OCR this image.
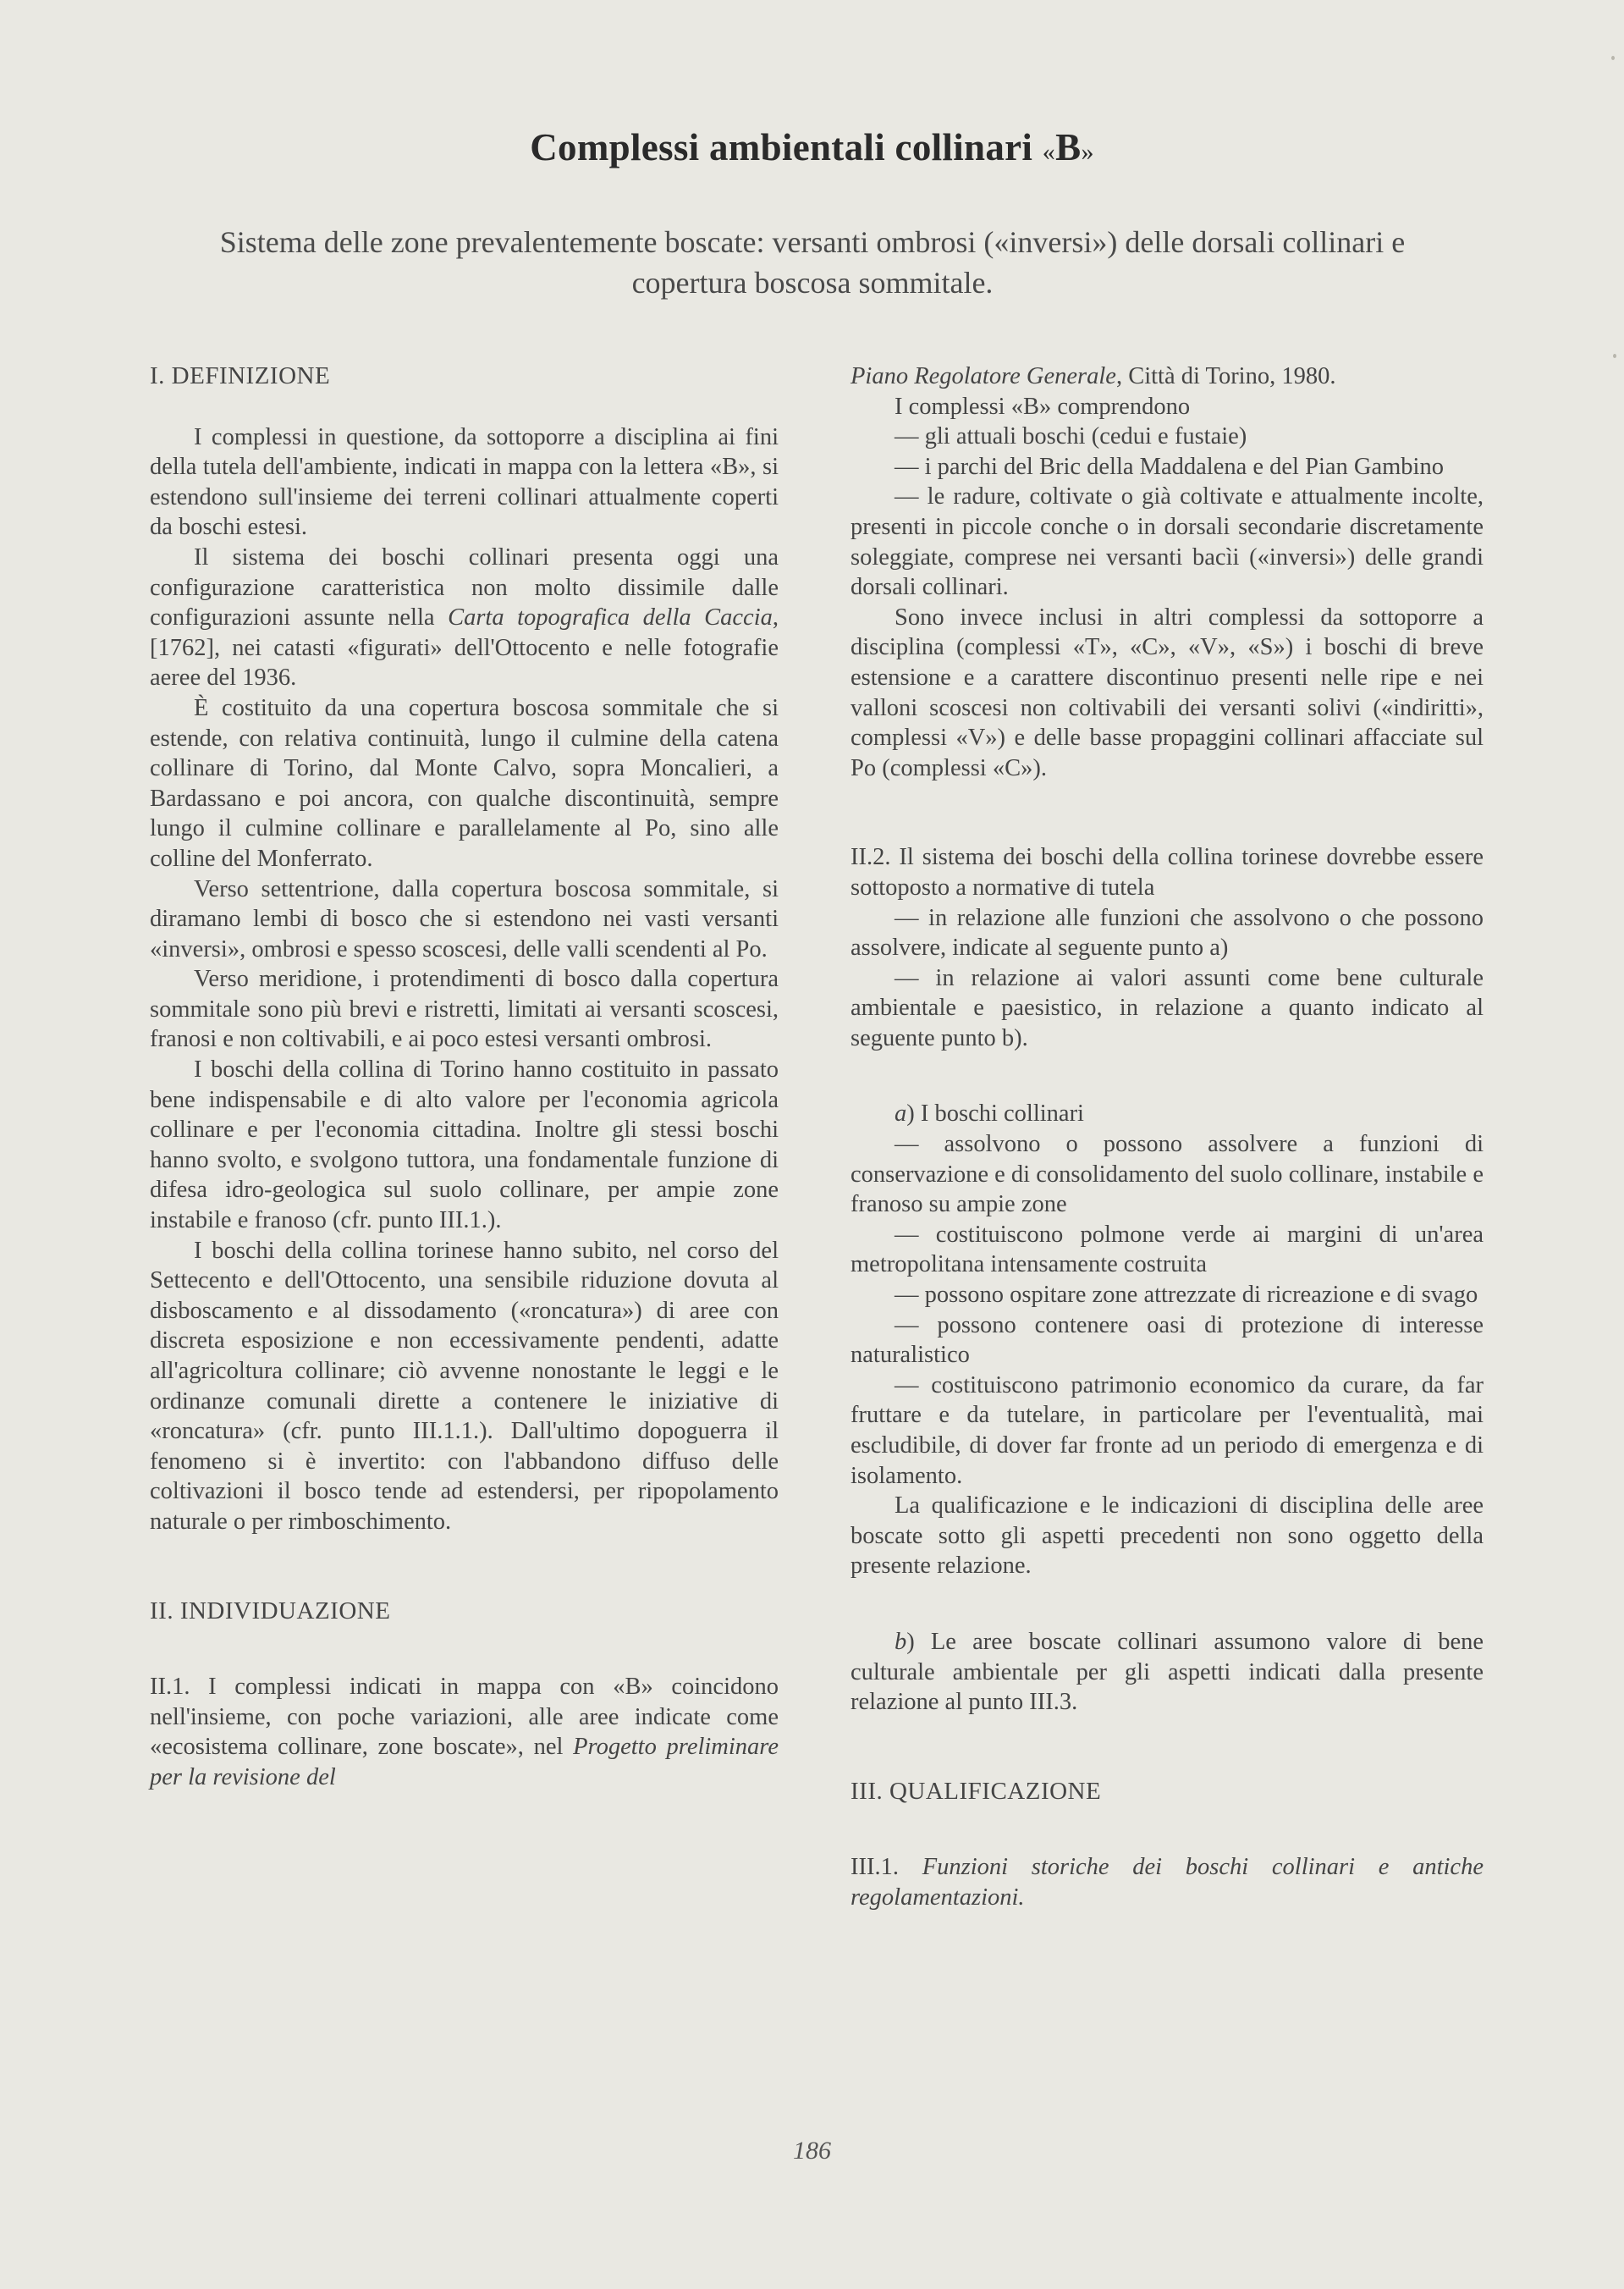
Complessi ambientali collinari «B»
Sistema delle zone prevalentemente boscate: versanti ombrosi («inversi») delle dorsali collinari e copertura boscosa sommitale.

I. DEFINIZIONE

I complessi in questione, da sottoporre a disciplina ai fini della tutela dell'ambiente, indicati in mappa con la lettera «B», si estendono sull'insieme dei terreni collinari attualmente coperti da boschi estesi.

Il sistema dei boschi collinari presenta oggi una configurazione caratteristica non molto dissimile dalle configurazioni assunte nella Carta topografica della Caccia, [1762], nei catasti «figurati» dell'Ottocento e nelle fotografie aeree del 1936.

È costituito da una copertura boscosa sommitale che si estende, con relativa continuità, lungo il culmine della catena collinare di Torino, dal Monte Calvo, sopra Moncalieri, a Bardassano e poi ancora, con qualche discontinuità, sempre lungo il culmine collinare e parallelamente al Po, sino alle colline del Monferrato.

Verso settentrione, dalla copertura boscosa sommitale, si diramano lembi di bosco che si estendono nei vasti versanti «inversi», ombrosi e spesso scoscesi, delle valli scendenti al Po.

Verso meridione, i protendimenti di bosco dalla copertura sommitale sono più brevi e ristretti, limitati ai versanti scoscesi, franosi e non coltivabili, e ai poco estesi versanti ombrosi.

I boschi della collina di Torino hanno costituito in passato bene indispensabile e di alto valore per l'economia agricola collinare e per l'economia cittadina. Inoltre gli stessi boschi hanno svolto, e svolgono tuttora, una fondamentale funzione di difesa idro-geologica sul suolo collinare, per ampie zone instabile e franoso (cfr. punto III.1.).

I boschi della collina torinese hanno subito, nel corso del Settecento e dell'Ottocento, una sensibile riduzione dovuta al disboscamento e al dissodamento («roncatura») di aree con discreta esposizione e non eccessivamente pendenti, adatte all'agricoltura collinare; ciò avvenne nonostante le leggi e le ordinanze comunali dirette a contenere le iniziative di «roncatura» (cfr. punto III.1.1.). Dall'ultimo dopoguerra il fenomeno si è invertito: con l'abbandono diffuso delle coltivazioni il bosco tende ad estendersi, per ripopolamento naturale o per rimboschimento.

II. INDIVIDUAZIONE

II.1. I complessi indicati in mappa con «B» coincidono nell'insieme, con poche variazioni, alle aree indicate come «ecosistema collinare, zone boscate», nel Progetto preliminare per la revisione del

Piano Regolatore Generale, Città di Torino, 1980.

I complessi «B» comprendono

— gli attuali boschi (cedui e fustaie)

— i parchi del Bric della Maddalena e del Pian Gambino

— le radure, coltivate o già coltivate e attualmente incolte, presenti in piccole conche o in dorsali secondarie discretamente soleggiate, comprese nei versanti bacìi («inversi») delle grandi dorsali collinari.

Sono invece inclusi in altri complessi da sottoporre a disciplina (complessi «T», «C», «V», «S») i boschi di breve estensione e a carattere discontinuo presenti nelle ripe e nei valloni scoscesi non coltivabili dei versanti solivi («indiritti», complessi «V») e delle basse propaggini collinari affacciate sul Po (complessi «C»).

II.2. Il sistema dei boschi della collina torinese dovrebbe essere sottoposto a normative di tutela

— in relazione alle funzioni che assolvono o che possono assolvere, indicate al seguente punto a)

— in relazione ai valori assunti come bene culturale ambientale e paesistico, in relazione a quanto indicato al seguente punto b).

a) I boschi collinari

— assolvono o possono assolvere a funzioni di conservazione e di consolidamento del suolo collinare, instabile e franoso su ampie zone

— costituiscono polmone verde ai margini di un'area metropolitana intensamente costruita

— possono ospitare zone attrezzate di ricreazione e di svago

— possono contenere oasi di protezione di interesse naturalistico

— costituiscono patrimonio economico da curare, da far fruttare e da tutelare, in particolare per l'eventualità, mai escludibile, di dover far fronte ad un periodo di emergenza e di isolamento.

La qualificazione e le indicazioni di disciplina delle aree boscate sotto gli aspetti precedenti non sono oggetto della presente relazione.

b) Le aree boscate collinari assumono valore di bene culturale ambientale per gli aspetti indicati dalla presente relazione al punto III.3.

III. QUALIFICAZIONE

III.1. Funzioni storiche dei boschi collinari e antiche regolamentazioni.

186
